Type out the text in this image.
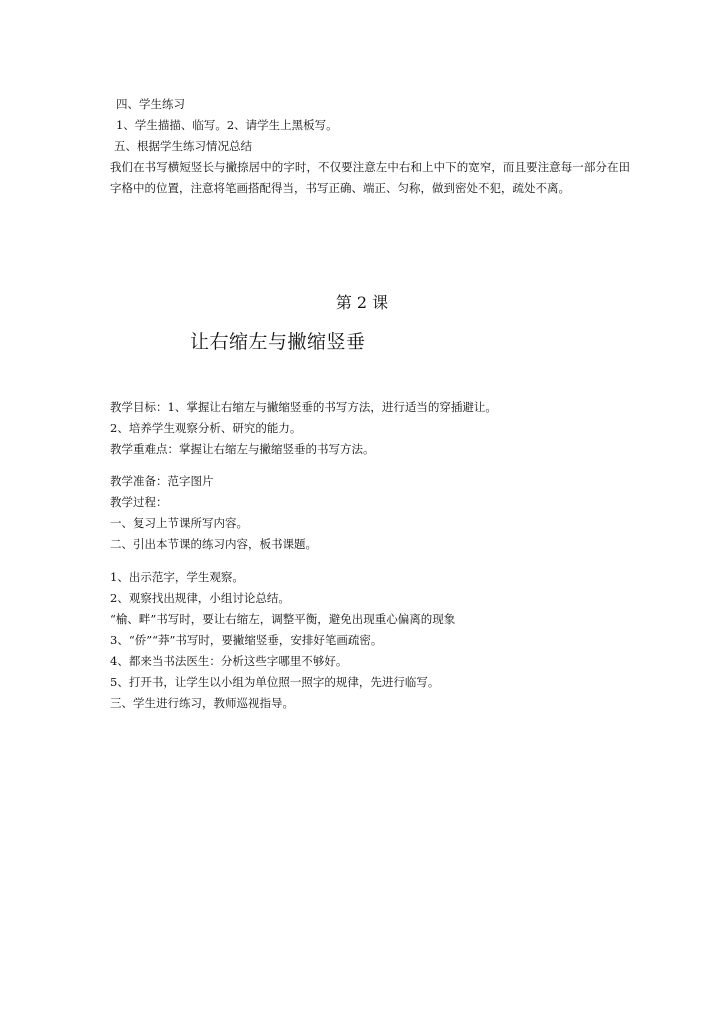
四、学生练习
1、学生描描、临写。2、请学生上黑板写。
五、根据学生练习情况总结
我们在书写横短竖长与撇捺居中的字时，不仅要注意左中右和上中下的宽窄，而且要注意每一部分在田字格中的位置，注意将笔画搭配得当，书写正确、端正、匀称，做到密处不犯，疏处不离。
第 2 课
让右缩左与撇缩竖垂
教学目标：1、掌握让右缩左与撇缩竖垂的书写方法，进行适当的穿插避让。
2、培养学生观察分析、研究的能力。
教学重难点：掌握让右缩左与撇缩竖垂的书写方法。
教学准备：范字图片
教学过程：
一、复习上节课所写内容。
二、引出本节课的练习内容，板书课题。
1、出示范字，学生观察。
2、观察找出规律，小组讨论总结。
“榆、畔”书写时，要让右缩左，调整平衡，避免出现重心偏离的现象
3、“侨”“莽”书写时，要撇缩竖垂，安排好笔画疏密。
4、都来当书法医生：分析这些字哪里不够好。
5、打开书，让学生以小组为单位照一照字的规律，先进行临写。
三、学生进行练习，教师巡视指导。
